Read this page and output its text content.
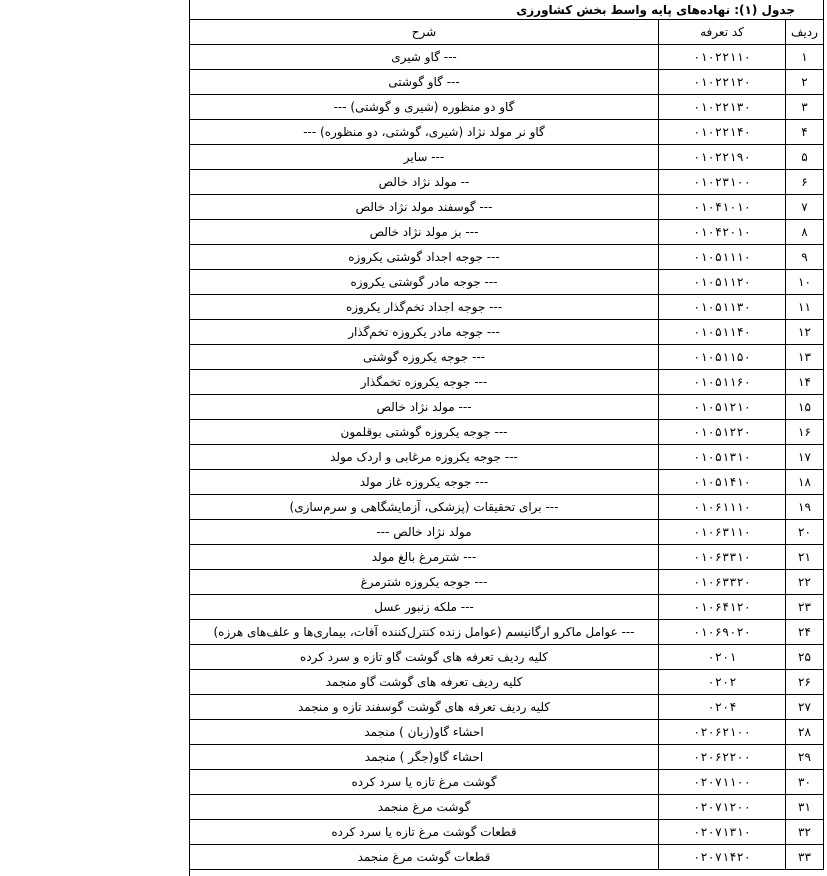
جدول (۱): نهاده‌های پایه واسط بخش کشاورزی		
ردیف	کد تعرفه	شرح
۱	۰۱۰۲۲۱۱۰	--- گاو شیری
۲	۰۱۰۲۲۱۲۰	--- گاو گوشتی
۳	۰۱۰۲۲۱۳۰	گاو دو منظوره (شیری و گوشتی) ---
۴	۰۱۰۲۲۱۴۰	گاو نر مولد نژاد (شیری، گوشتی، دو منظوره) ---
۵	۰۱۰۲۲۱۹۰	--- سایر
۶	۰۱۰۲۳۱۰۰	-- مولد نژاد خالص
۷	۰۱۰۴۱۰۱۰	--- گوسفند مولد نژاد خالص
۸	۰۱۰۴۲۰۱۰	--- بز مولد نژاد خالص
۹	۰۱۰۵۱۱۱۰	--- جوجه اجداد گوشتی یکروزه
۱۰	۰۱۰۵۱۱۲۰	--- جوجه مادر گوشتی یکروزه
۱۱	۰۱۰۵۱۱۳۰	--- جوجه اجداد تخم‌گذار یکروزه
۱۲	۰۱۰۵۱۱۴۰	--- جوجه مادر یکروزه تخم‌گذار
۱۳	۰۱۰۵۱۱۵۰	--- جوجه یکروزه گوشتی
۱۴	۰۱۰۵۱۱۶۰	--- جوجه یکروزه تخمگذار
۱۵	۰۱۰۵۱۲۱۰	--- مولد نژاد خالص
۱۶	۰۱۰۵۱۲۲۰	--- جوجه یکروزه گوشتی بوقلمون
۱۷	۰۱۰۵۱۳۱۰	--- جوجه یکروزه مرغابی و اردک مولد
۱۸	۰۱۰۵۱۴۱۰	--- جوجه یکروزه غاز مولد
۱۹	۰۱۰۶۱۱۱۰	--- برای تحقیقات (پزشکی، آزمایشگاهی و سرم‌سازی)
۲۰	۰۱۰۶۳۱۱۰	مولد نژاد خالص ---
۲۱	۰۱۰۶۳۳۱۰	--- شترمرغ بالغ مولد
۲۲	۰۱۰۶۳۳۲۰	--- جوجه یکروزه شترمرغ
۲۳	۰۱۰۶۴۱۲۰	--- ملکه زنبور عسل
۲۴	۰۱۰۶۹۰۲۰	--- عوامل ماکرو ارگانیسم (عوامل زنده کنترل‌کننده آفات، بیماری‌ها و علف‌های هرزه)
۲۵	۰۲۰۱	کلیه ردیف تعرفه های گوشت گاو تازه و سرد کرده
۲۶	۰۲۰۲	کلیه ردیف تعرفه های گوشت گاو منجمد
۲۷	۰۲۰۴	کلیه ردیف تعرفه های گوشت گوسفند تازه و منجمد
۲۸	۰۲۰۶۲۱۰۰	احشاء گاو(زبان ) منجمد
۲۹	۰۲۰۶۲۲۰۰	احشاء گاو(جگر ) منجمد
۳۰	۰۲۰۷۱۱۰۰	گوشت مرغ تازه یا سرد کرده
۳۱	۰۲۰۷۱۲۰۰	گوشت مرغ منجمد
۳۲	۰۲۰۷۱۳۱۰	قطعات گوشت مرغ تازه یا سرد کرده
۳۳	۰۲۰۷۱۴۲۰	قطعات گوشت مرغ منجمد
